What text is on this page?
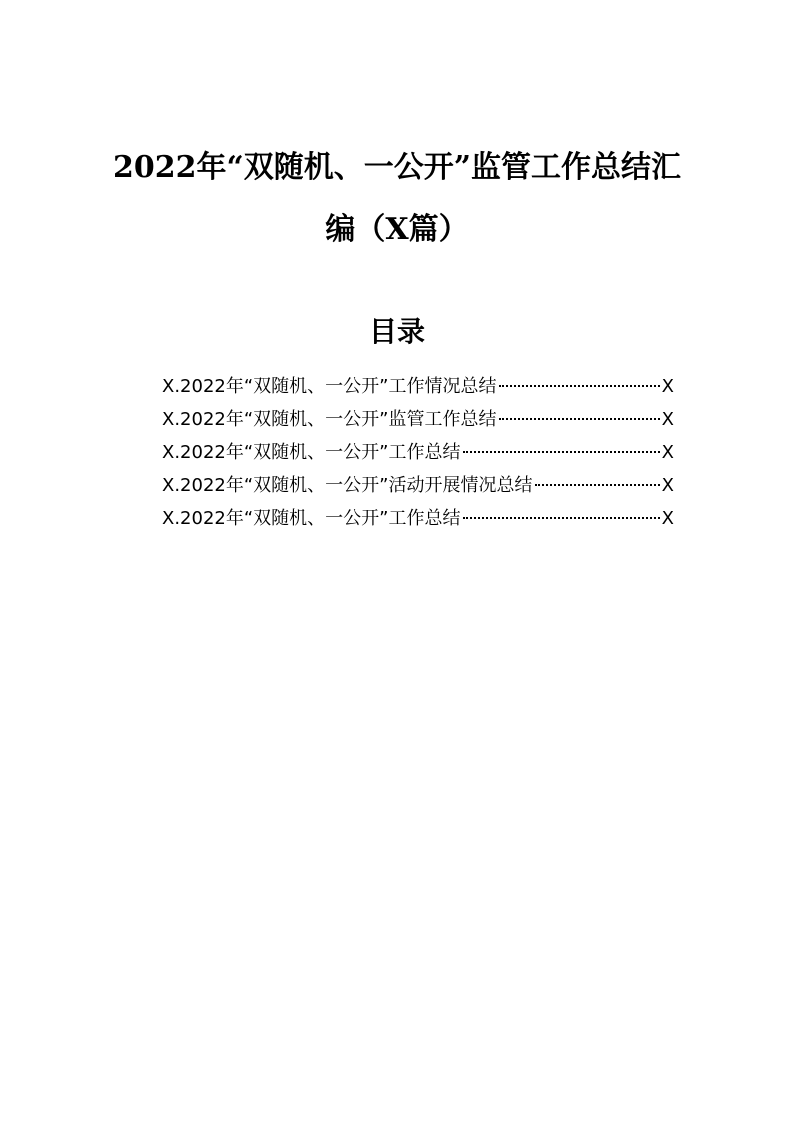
2022年“双随机、一公开”监管工作总结汇
编（X篇）
目录
X.2022年“双随机、一公开”工作情况总结	X
X.2022年“双随机、一公开”监管工作总结	X
X.2022年“双随机、一公开”工作总结	X
X.2022年“双随机、一公开”活动开展情况总结	X
X.2022年“双随机、一公开”工作总结	X
